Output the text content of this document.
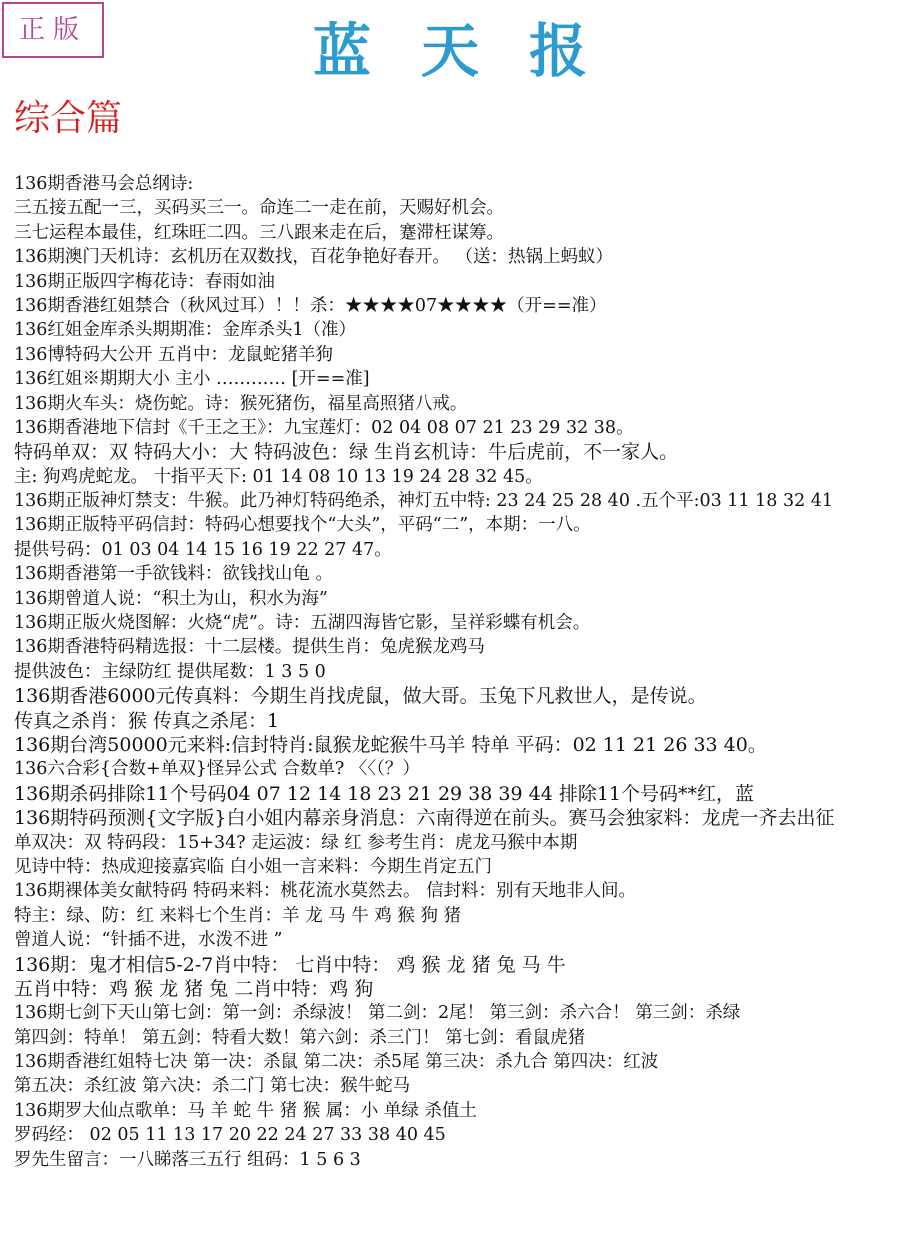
正版	蓝天报
综合篇
136期香港马会总纲诗:
三五接五配一三，买码买三一。命连二一走在前，天赐好机会。
三七运程本最佳，红珠旺二四。三八跟来走在后，蹇滞枉谋筹。
136期澳门天机诗：玄机历在双数找，百花争艳好春开。 （送：热锅上蚂蚁）
136期正版四字梅花诗：春雨如油
136期香港红姐禁合（秋风过耳）！！杀：★★★★07★★★★（开==准）
136红姐金库杀头期期准：金库杀头1（准）
136博特码大公开 五肖中：龙鼠蛇猪羊狗
136红姐※期期大小 主小 ………… [开==准]
136期火车头：烧伤蛇。诗：猴死猪伤，福星高照猪八戒。
136期香港地下信封《千王之王》：九宝莲灯：02 04 08 07 21 23 29 32 38。
特码单双：双 特码大小：大 特码波色：绿 生肖玄机诗：牛后虎前，不一家人。
主: 狗鸡虎蛇龙。 十指平天下: 01 14 08 10 13 19 24 28 32 45。
136期正版神灯禁支：牛猴。此乃神灯特码绝杀，神灯五中特: 23 24 25 28 40 .五个平:03 11 18 32 41
136期正版特平码信封：特码心想要找个“大头”，平码“二”，本期：一八。
提供号码：01 03 04 14 15 16 19 22 27 47。
136期香港第一手欲钱料：欲钱找山龟 。
136期曾道人说：“积土为山，积水为海”
136期正版火烧图解：火烧“虎”。诗：五湖四海皆它影，呈祥彩蝶有机会。
136期香港特码精选报：十二层楼。提供生肖：兔虎猴龙鸡马
提供波色：主绿防红 提供尾数：1 3 5 0
136期香港6000元传真料：今期生肖找虎鼠，做大哥。玉兔下凡救世人，是传说。
传真之杀肖：猴 传真之杀尾：1
136期台湾50000元来料:信封特肖:鼠猴龙蛇猴牛马羊 特单 平码：02 11 21 26 33 40。
136六合彩{合数+单双}怪异公式 合数单? 〈〈（？）
136期杀码排除11个号码04 07 12 14 18 23 21 29 38 39 44 排除11个号码**红，蓝
136期特码预测{文字版}白小姐内幕亲身消息：六南得逆在前头。赛马会独家料：龙虎一齐去出征
单双决：双 特码段：15+34? 走运波：绿 红 参考生肖：虎龙马猴中本期
见诗中特：热成迎接嘉宾临 白小姐一言来料：今期生肖定五门
136期裸体美女献特码 特码来料：桃花流水莫然去。 信封料：别有天地非人间。
特主：绿、防：红 来料七个生肖：羊 龙 马 牛 鸡 猴 狗 猪
曾道人说：“针插不进，水泼不进 ”
136期：鬼才相信5-2-7肖中特： 七肖中特： 鸡 猴 龙 猪 兔 马 牛
五肖中特：鸡 猴 龙 猪 兔 二肖中特：鸡 狗
136期七剑下天山第七剑：第一剑：杀绿波！ 第二剑：2尾！ 第三剑：杀六合！ 第三剑：杀绿
第四剑：特单！ 第五剑：特看大数！第六剑：杀三门！ 第七剑：看鼠虎猪
136期香港红姐特七决 第一决：杀鼠 第二决：杀5尾 第三决：杀九合 第四决：红波
第五决：杀红波 第六决：杀二门 第七决：猴牛蛇马
136期罗大仙点歌单：马 羊 蛇 牛 猪 猴 属：小 单绿 杀值土
罗码经： 02 05 11 13 17 20 22 24 27 33 38 40 45
罗先生留言：一八睇落三五行 组码：1 5 6 3
